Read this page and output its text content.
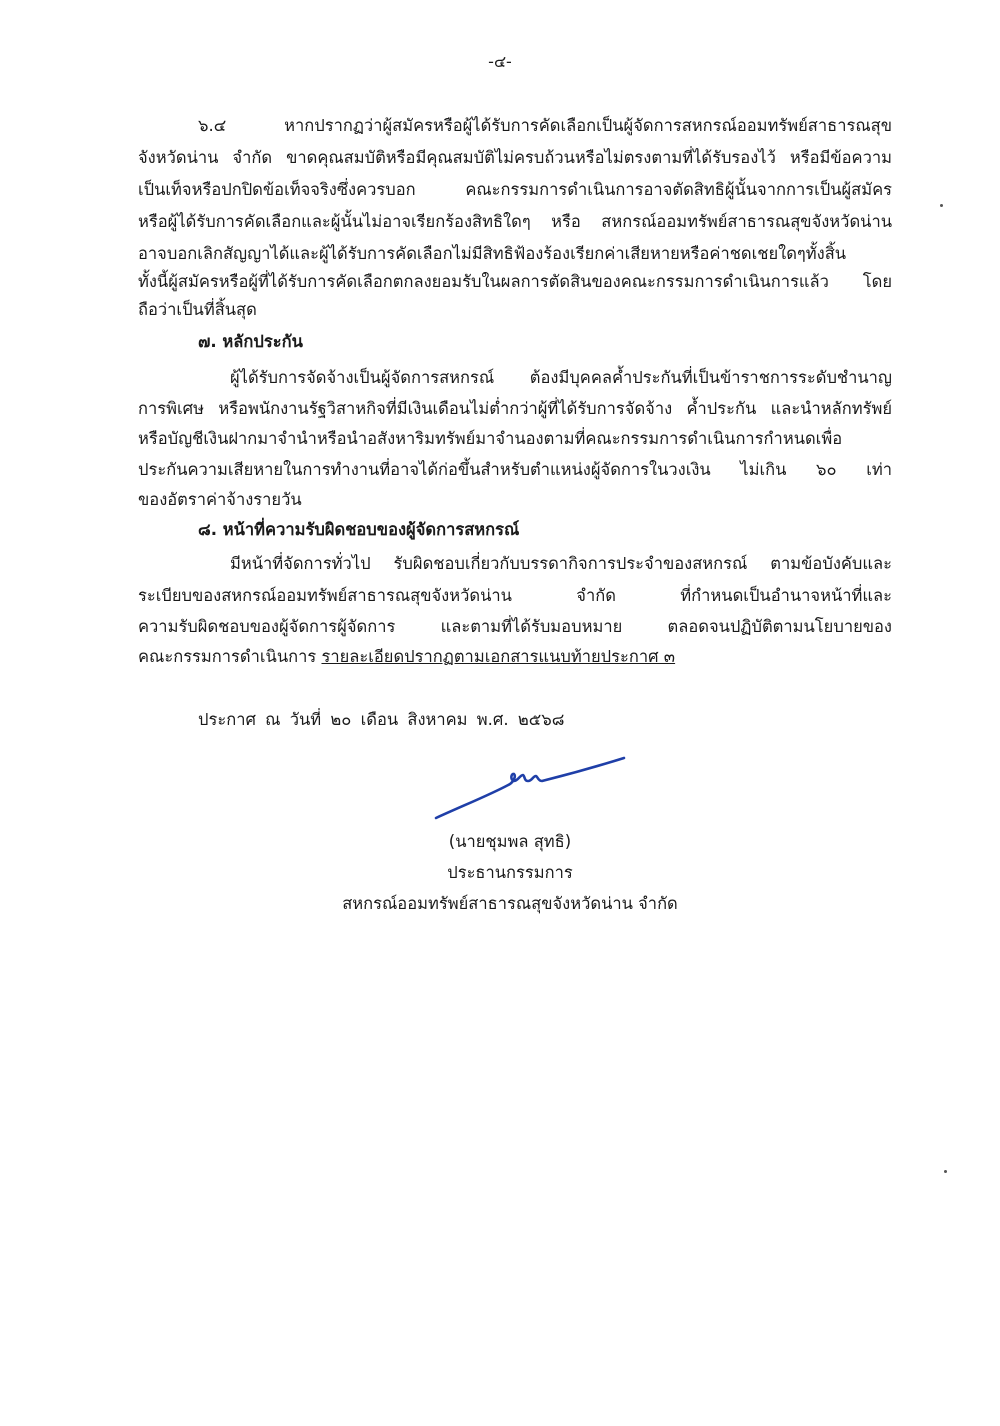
-๔-
๖.๔ หากปรากฏว่าผู้สมัครหรือผู้ได้รับการคัดเลือกเป็นผู้จัดการสหกรณ์ออมทรัพย์สาธารณสุข
จังหวัดน่าน จำกัด ขาดคุณสมบัติหรือมีคุณสมบัติไม่ครบถ้วนหรือไม่ตรงตามที่ได้รับรองไว้ หรือมีข้อความ
เป็นเท็จหรือปกปิดข้อเท็จจริงซึ่งควรบอก คณะกรรมการดำเนินการอาจตัดสิทธิผู้นั้นจากการเป็นผู้สมัคร
หรือผู้ได้รับการคัดเลือกและผู้นั้นไม่อาจเรียกร้องสิทธิใดๆ หรือ สหกรณ์ออมทรัพย์สาธารณสุขจังหวัดน่าน
อาจบอกเลิกสัญญาได้และผู้ได้รับการคัดเลือกไม่มีสิทธิฟ้องร้องเรียกค่าเสียหายหรือค่าชดเชยใดๆทั้งสิ้น
ทั้งนี้ผู้สมัครหรือผู้ที่ได้รับการคัดเลือกตกลงยอมรับในผลการตัดสินของคณะกรรมการดำเนินการแล้ว โดย
ถือว่าเป็นที่สิ้นสุด
๗. หลักประกัน
ผู้ได้รับการจัดจ้างเป็นผู้จัดการสหกรณ์ ต้องมีบุคคลค้ำประกันที่เป็นข้าราชการระดับชำนาญ
การพิเศษ หรือพนักงานรัฐวิสาหกิจที่มีเงินเดือนไม่ต่ำกว่าผู้ที่ได้รับการจัดจ้าง ค้ำประกัน และนำหลักทรัพย์
หรือบัญชีเงินฝากมาจำนำหรือนำอสังหาริมทรัพย์มาจำนองตามที่คณะกรรมการดำเนินการกำหนดเพื่อ
ประกันความเสียหายในการทำงานที่อาจได้ก่อขึ้นสำหรับตำแหน่งผู้จัดการในวงเงิน ไม่เกิน ๖๐ เท่า
ของอัตราค่าจ้างรายวัน
๘. หน้าที่ความรับผิดชอบของผู้จัดการสหกรณ์
มีหน้าที่จัดการทั่วไป รับผิดชอบเกี่ยวกับบรรดากิจการประจำของสหกรณ์ ตามข้อบังคับและ
ระเบียบของสหกรณ์ออมทรัพย์สาธารณสุขจังหวัดน่าน จำกัด ที่กำหนดเป็นอำนาจหน้าที่และ
ความรับผิดชอบของผู้จัดการผู้จัดการ และตามที่ได้รับมอบหมาย ตลอดจนปฏิบัติตามนโยบายของ
คณะกรรมการดำเนินการ รายละเอียดปรากฏตามเอกสารแนบท้ายประกาศ ๓
ประกาศ ณ วันที่ ๒๐ เดือน สิงหาคม พ.ศ. ๒๕๖๘
(นายชุมพล สุทธิ)
ประธานกรรมการ
สหกรณ์ออมทรัพย์สาธารณสุขจังหวัดน่าน จำกัด
